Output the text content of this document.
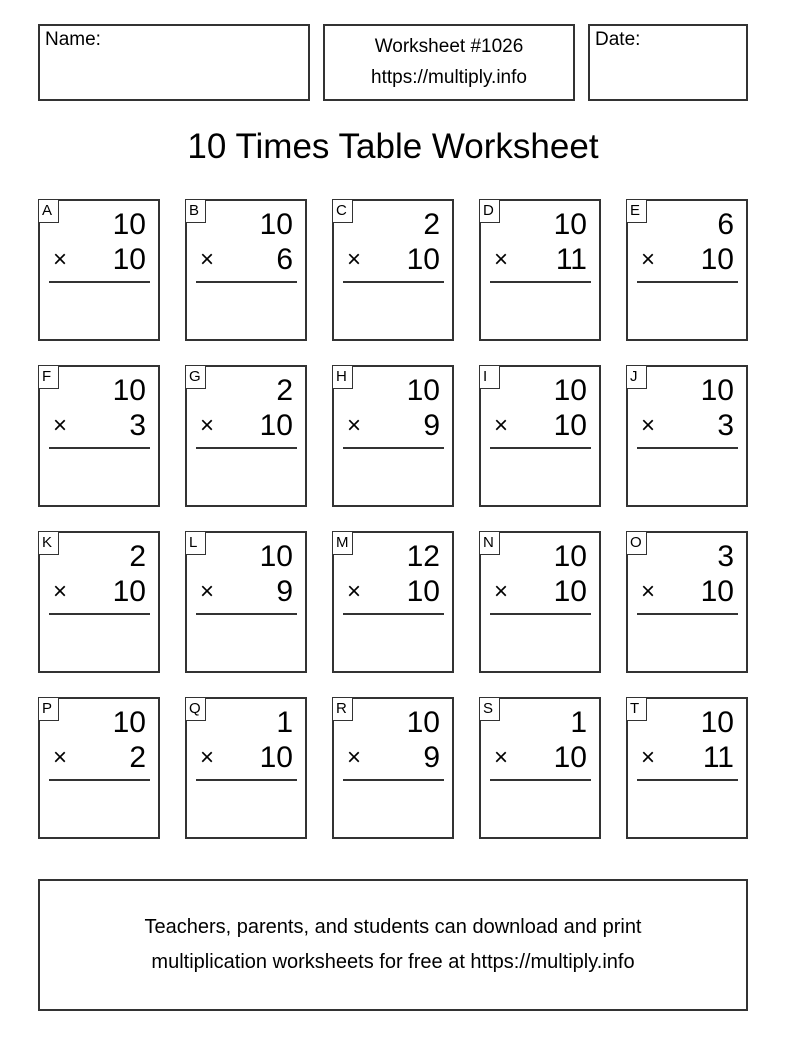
Name:	Worksheet #1026
https://multiply.info
Date:
10 Times Table Worksheet
A 10
× 10
B 10
× 6
C	2
× 10
D 10
× 11
E	6
× 10
F 10
× 3
G	2
× 10
H 10
× 9
I	10
× 10
J	10
× 3
K	2
× 10
L 10
× 9
M 12
× 10
N 10
× 10
O	3
× 10
P 10
× 2
Q	1
× 10
R 10
× 9
S	1
× 10
T 10
× 11
Teachers, parents, and students can download and print
multiplication worksheets for free at https://multiply.info
